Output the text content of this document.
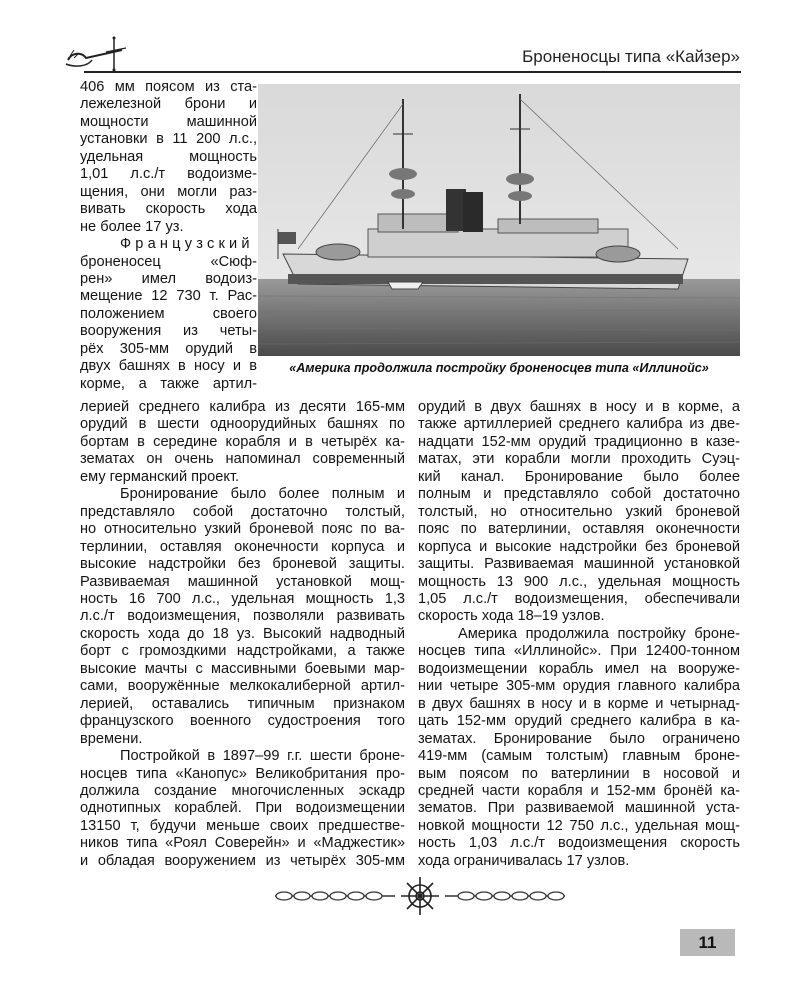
Броненосцы типа «Кайзер»
406 мм поясом из ста-
лежелезной брони и
мощности машинной
установки в 11 200 л.с.,
удельная мощность
1,01 л.с./т водоизме-
щения, они могли раз-
вивать скорость хода
не более 17 уз.
Французский
броненосец «Сюф-
рен» имел водоиз-
мещение 12 730 т. Рас-
положением своего
вооружения из четы-
рёх 305-мм орудий в
двух башнях в носу и в
корме, а также артил-
лерией среднего калибра из десяти 165-мм
орудий в шести одноорудийных башнях по
бортам в середине корабля и в четырёх ка-
зематах он очень напоминал современный
ему германский проект.
Бронирование было более полным и
представляло собой достаточно толстый,
но относительно узкий броневой пояс по ва-
терлинии, оставляя оконечности корпуса и
высокие надстройки без броневой защиты.
Развиваемая машинной установкой мощ-
ность 16 700 л.с., удельная мощность 1,3
л.с./т водоизмещения, позволяли развивать
скорость хода до 18 уз. Высокий надводный
борт с громоздкими надстройками, а также
высокие мачты с массивными боевыми мар-
сами, вооружённые мелкокалиберной артил-
лерией, оставались типичным признаком
французского военного судостроения того
времени.
Постройкой в 1897–99 г.г. шести броне-
носцев типа «Канопус» Великобритания про-
должила создание многочисленных эскадр
однотипных кораблей. При водоизмещении
13150 т, будучи меньше своих предшестве-
ников типа «Роял Соверейн» и «Маджестик»
и обладая вооружением из четырёх 305-мм
орудий в двух башнях в носу и в корме, а
также артиллерией среднего калибра из две-
надцати 152-мм орудий традиционно в казе-
матах, эти корабли могли проходить Суэц-
кий канал. Бронирование было более
полным и представляло собой достаточно
толстый, но относительно узкий броневой
пояс по ватерлинии, оставляя оконечности
корпуса и высокие надстройки без броневой
защиты. Развиваемая машинной установкой
мощность 13 900 л.с., удельная мощность
1,05 л.с./т водоизмещения, обеспечивали
скорость хода 18–19 узлов.
Америка продолжила постройку броне-
носцев типа «Иллинойс». При 12400-тонном
водоизмещении корабль имел на вооруже-
нии четыре 305-мм орудия главного калибра
в двух башнях в носу и в корме и четырнад-
цать 152-мм орудий среднего калибра в ка-
зематах. Бронирование было ограничено
419-мм (самым толстым) главным броне-
вым поясом по ватерлинии в носовой и
средней части корабля и 152-мм бронёй ка-
зематов. При развиваемой машинной уста-
новкой мощности 12 750 л.с., удельная мощ-
ность 1,03 л.с./т водоизмещения скорость
хода ограничивалась 17 узлов.
«Америка продолжила постройку броненосцев типа «Иллинойс»
11
